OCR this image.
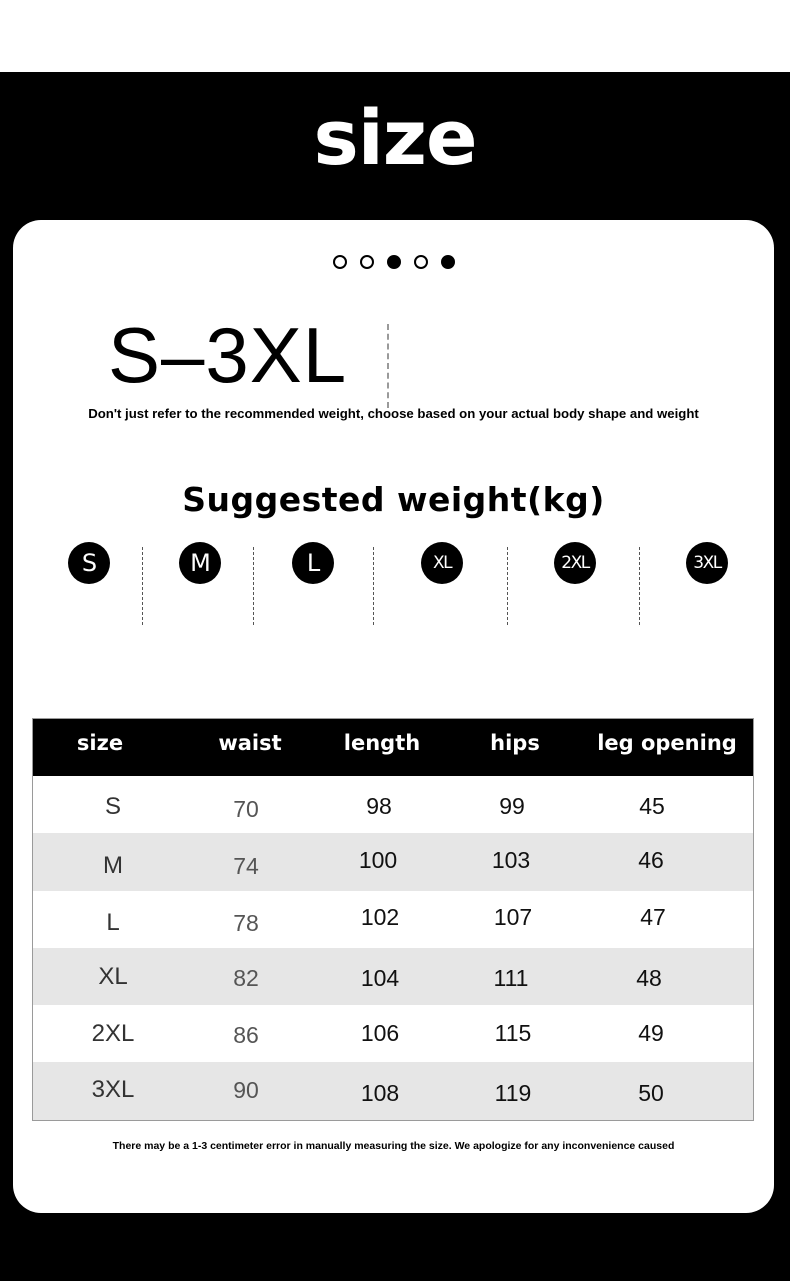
size
S–3XL
Don't just refer to the recommended weight, choose based on your actual body shape and weight
Suggested weight(kg)
S	M	L	XL	2XL	3XL
size	waist	length	hips	leg opening
S	70	98	99	45
M	74	100	103	46
L	78	102	107	47
XL	82	104	111	48
2XL	86	106	115	49
3XL	90	108	119	50
There may be a 1-3 centimeter error in manually measuring the size. We apologize for any inconvenience caused
